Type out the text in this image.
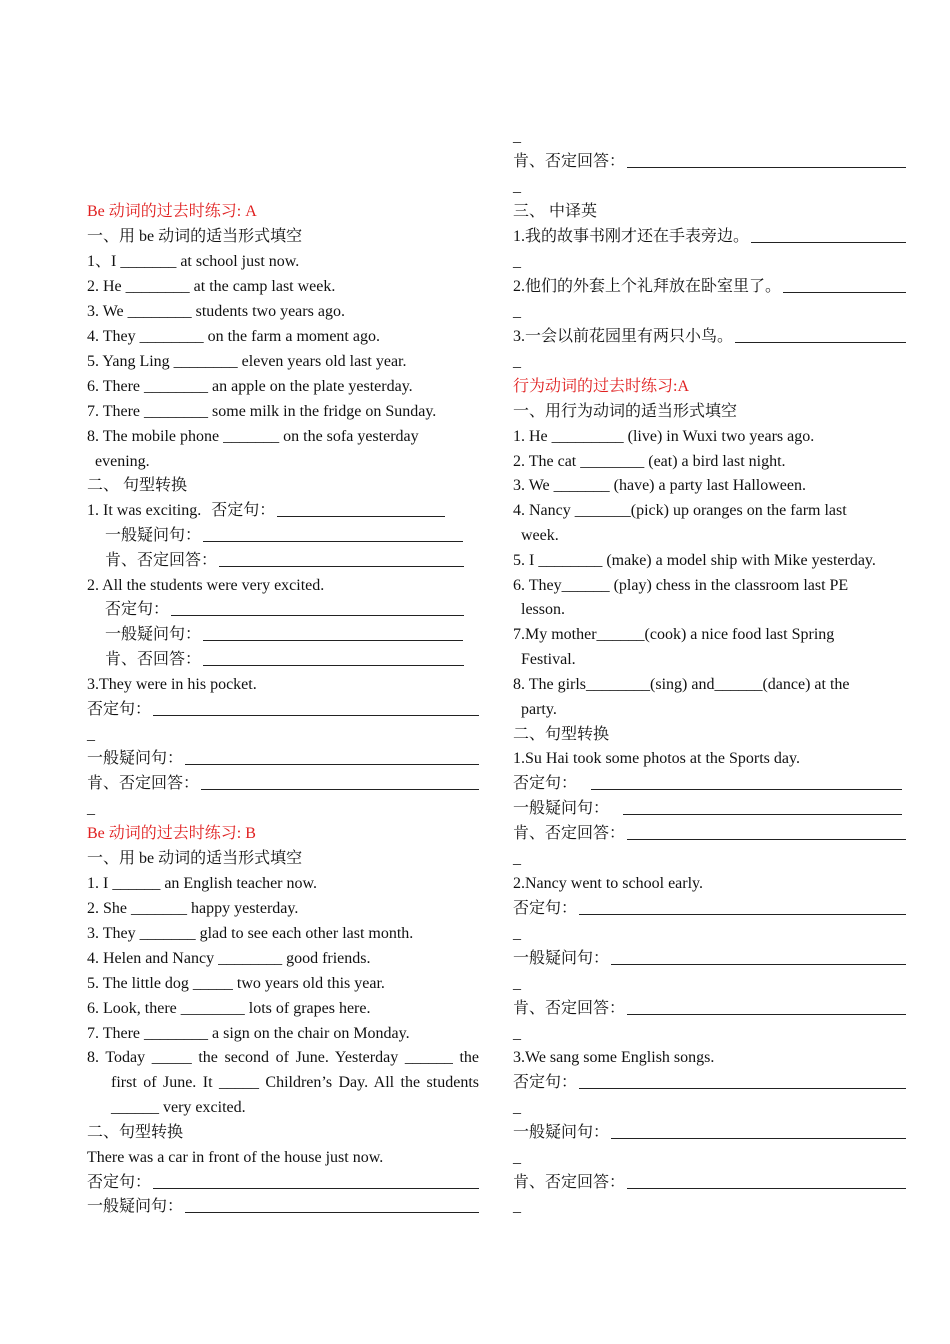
Be 动词的过去时练习: A
一、用 be 动词的适当形式填空
1、I _______ at school just now.
2. He ________ at the camp last week.
3. We ________ students two years ago.
4. They ________ on the farm a moment ago.
5. Yang Ling ________ eleven years old last year.
6. There ________ an apple on the plate yesterday.
7. There ________ some milk in the fridge on Sunday.
8. The mobile phone _______ on the sofa yesterday
evening.
二、 句型转换
1. It was exciting. 否定句：
一般疑问句：
肯、否定回答：
2. All the students were very excited.
否定句：
一般疑问句：
肯、否回答：
3.They were in his pocket.
否定句：
_
一般疑问句：
肯、否定回答：
_
Be 动词的过去时练习: B
一、用 be 动词的适当形式填空
1. I ______ an English teacher now.
2. She _______ happy yesterday.
3. They _______ glad to see each other last month.
4. Helen and Nancy ________ good friends.
5. The little dog _____ two years old this year.
6. Look, there ________ lots of grapes here.
7. There ________ a sign on the chair on Monday.
8. Today _____ the second of June. Yesterday ______ the
first of June. It _____ Children’s Day. All the students
______ very excited.
二、句型转换
There was a car in front of the house just now.
否定句：
一般疑问句：
_
肯、否定回答：
_
三、 中译英
1.我的故事书刚才还在手表旁边。
_
2.他们的外套上个礼拜放在卧室里了。
_
3.一会以前花园里有两只小鸟。
_
行为动词的过去时练习:A
一、用行为动词的适当形式填空
1. He _________ (live) in Wuxi two years ago.
2. The cat ________ (eat) a bird last night.
3. We _______ (have) a party last Halloween.
4. Nancy _______(pick) up oranges on the farm last
week.
5. I ________ (make) a model ship with Mike yesterday.
6. They______ (play) chess in the classroom last PE
lesson.
7.My mother______(cook) a nice food last Spring
Festival.
8. The girls________(sing) and______(dance) at the
party.
二、句型转换
1.Su Hai took some photos at the Sports day.
否定句：
一般疑问句：
肯、否定回答：
_
2.Nancy went to school early.
否定句：
_
一般疑问句：
_
肯、否定回答：
_
3.We sang some English songs.
否定句：
_
一般疑问句：
_
肯、否定回答：
_
